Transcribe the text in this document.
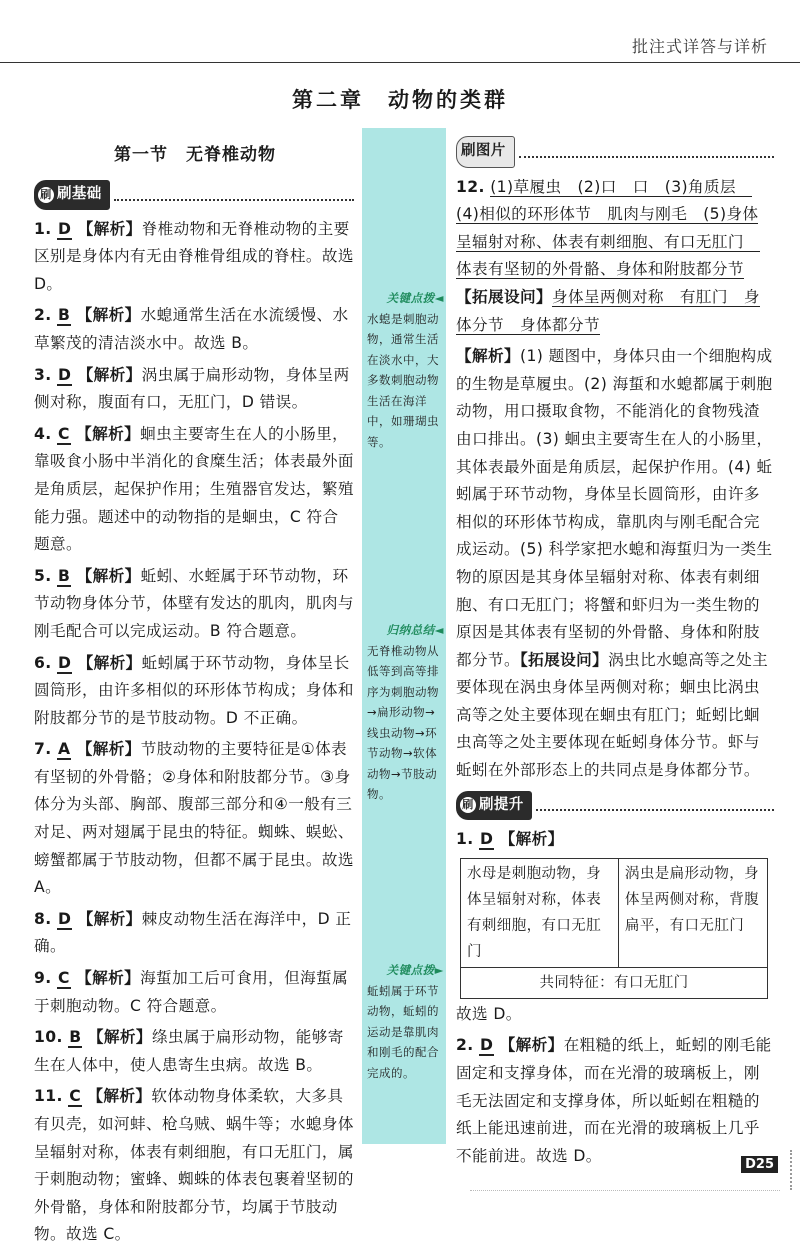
批注式详答与详析
第二章　动物的类群
第一节　无脊椎动物
刷 刷基础
1. D 【解析】脊椎动物和无脊椎动物的主要区别是身体内有无由脊椎骨组成的脊柱。故选 D。
2. B 【解析】水螅通常生活在水流缓慢、水草繁茂的清洁淡水中。故选 B。
3. D 【解析】涡虫属于扁形动物，身体呈两侧对称，腹面有口，无肛门，D 错误。
4. C 【解析】蛔虫主要寄生在人的小肠里，靠吸食小肠中半消化的食糜生活；体表最外面是角质层，起保护作用；生殖器官发达，繁殖能力强。题述中的动物指的是蛔虫，C 符合题意。
5. B 【解析】蚯蚓、水蛭属于环节动物，环节动物身体分节，体壁有发达的肌肉，肌肉与刚毛配合可以完成运动。B 符合题意。
6. D 【解析】蚯蚓属于环节动物，身体呈长圆筒形，由许多相似的环形体节构成；身体和附肢都分节的是节肢动物。D 不正确。
7. A 【解析】节肢动物的主要特征是①体表有坚韧的外骨骼；②身体和附肢都分节。③身体分为头部、胸部、腹部三部分和④一般有三对足、两对翅属于昆虫的特征。蜘蛛、蜈蚣、螃蟹都属于节肢动物，但都不属于昆虫。故选 A。
8. D 【解析】棘皮动物生活在海洋中，D 正确。
9. C 【解析】海蜇加工后可食用，但海蜇属于刺胞动物。C 符合题意。
10. B 【解析】绦虫属于扁形动物，能够寄生在人体中，使人患寄生虫病。故选 B。
11. C 【解析】软体动物身体柔软，大多具有贝壳，如河蚌、枪乌贼、蜗牛等；水螅身体呈辐射对称，体表有刺细胞，有口无肛门，属于刺胞动物；蜜蜂、蜘蛛的体表包裹着坚韧的外骨骼，身体和附肢都分节，均属于节肢动物。故选 C。
关键点拨◄
水螅是刺胞动物，通常生活在淡水中，大多数刺胞动物生活在海洋中，如珊瑚虫等。
归纳总结◄
无脊椎动物从低等到高等排序为刺胞动物→扁形动物→线虫动物→环节动物→软体动物→节肢动物。
关键点拨►
蚯蚓属于环节动物，蚯蚓的运动是靠肌肉和刚毛的配合完成的。
刷图片
12. (1)草履虫　(2)口　口　(3)角质层　(4)相似的环形体节　肌肉与刚毛　(5)身体呈辐射对称、体表有刺细胞、有口无肛门　体表有坚韧的外骨骼、身体和附肢都分节 【拓展设问】身体呈两侧对称　有肛门　身体分节　身体都分节
【解析】(1) 题图中，身体只由一个细胞构成的生物是草履虫。(2) 海蜇和水螅都属于刺胞动物，用口摄取食物，不能消化的食物残渣由口排出。(3) 蛔虫主要寄生在人的小肠里，其体表最外面是角质层，起保护作用。(4) 蚯蚓属于环节动物，身体呈长圆筒形，由许多相似的环形体节构成，靠肌肉与刚毛配合完成运动。(5) 科学家把水螅和海蜇归为一类生物的原因是其身体呈辐射对称、体表有刺细胞、有口无肛门；将蟹和虾归为一类生物的原因是其体表有坚韧的外骨骼、身体和附肢都分节。【拓展设问】涡虫比水螅高等之处主要体现在涡虫身体呈两侧对称；蛔虫比涡虫高等之处主要体现在蛔虫有肛门；蚯蚓比蛔虫高等之处主要体现在蚯蚓身体分节。虾与蚯蚓在外部形态上的共同点是身体都分节。
刷 刷提升
1. D 【解析】
水母是刺胞动物，身体呈辐射对称，体表有刺细胞，有口无肛门	涡虫是扁形动物，身体呈两侧对称，背腹扁平，有口无肛门
共同特征：有口无肛门
故选 D。
2. D 【解析】在粗糙的纸上，蚯蚓的刚毛能固定和支撑身体，而在光滑的玻璃板上，刚毛无法固定和支撑身体，所以蚯蚓在粗糙的纸上能迅速前进，而在光滑的玻璃板上几乎不能前进。故选 D。	D25
